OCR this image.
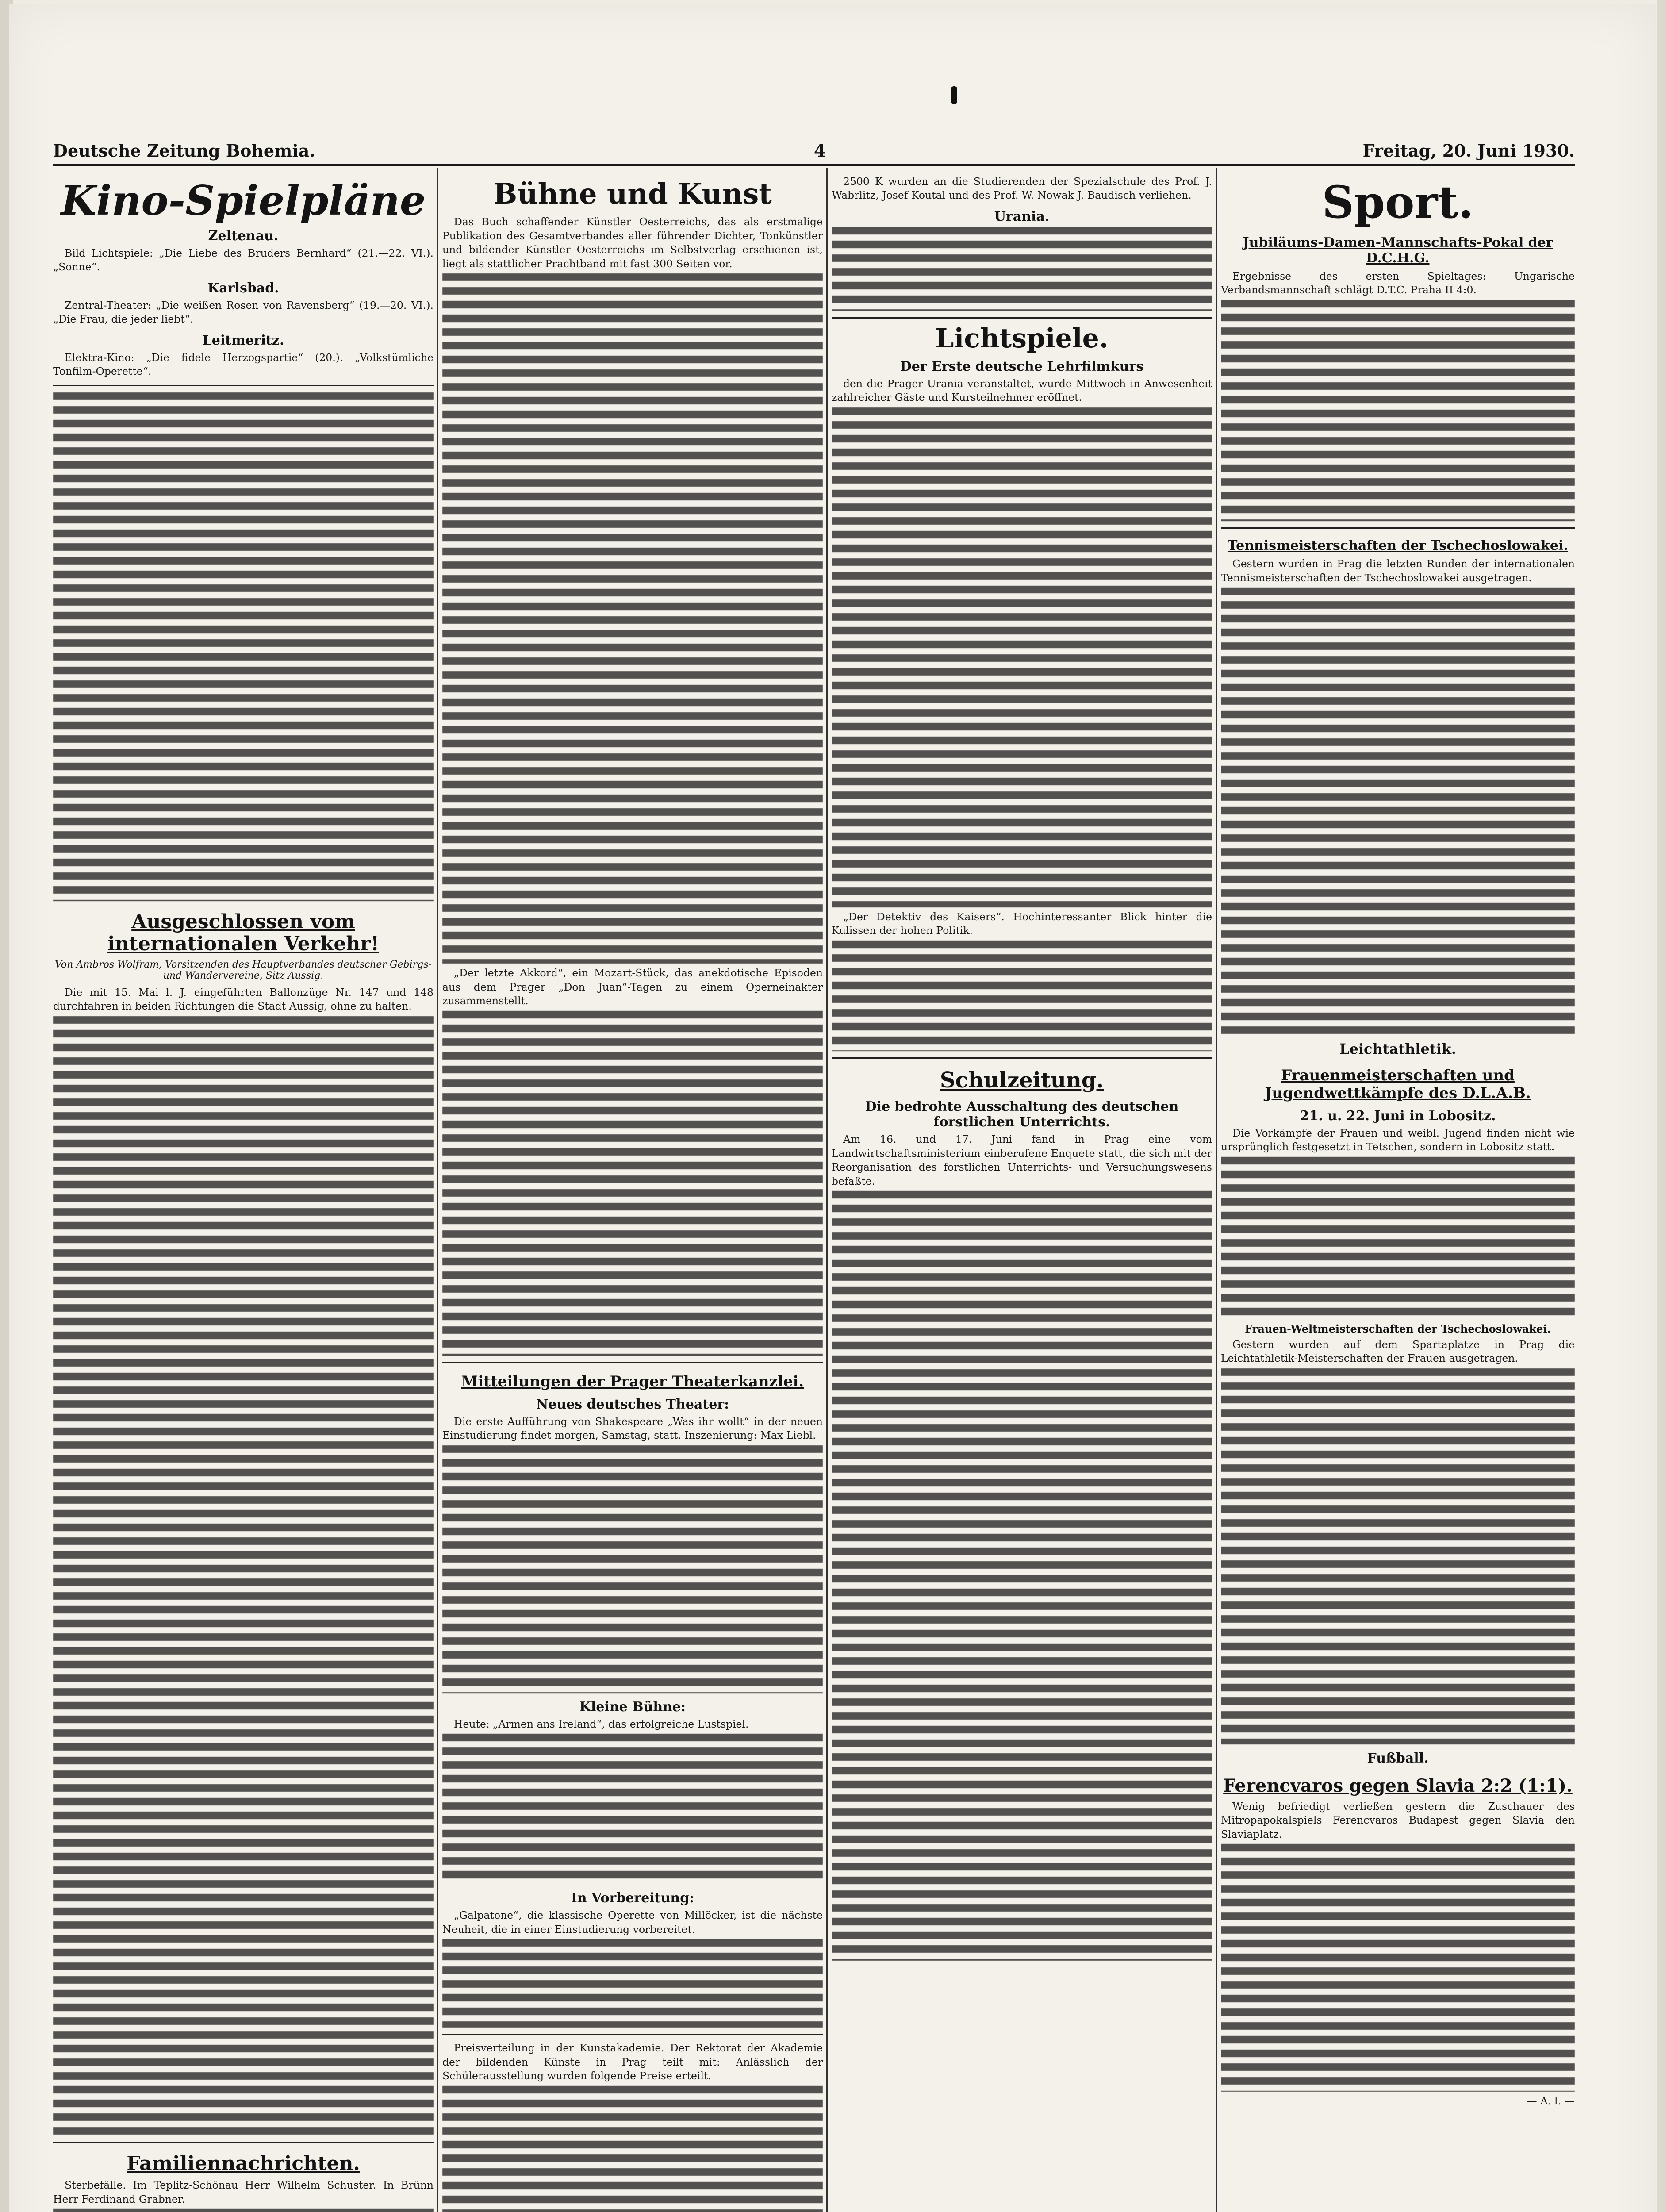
Deutsche Zeitung Bohemia.	4	Freitag, 20. Juni 1930.
Kino-Spielpläne
Zeltenau.
Bild Lichtspiele: „Die Liebe des Bruders Bernhard“ (21.—22. VI.). „Sonne“.
Karlsbad.
Zentral-Theater: „Die weißen Rosen von Ravensberg“ (19.—20. VI.). „Die Frau, die jeder liebt“.
Leitmeritz.
Elektra-Kino: „Die fidele Herzogspartie“ (20.). „Volkstümliche Tonfilm-Operette“.
Ausgeschlossen vom internationalen Verkehr!
Von Ambros Wolfram, Vorsitzenden des Hauptverbandes deutscher Gebirgs- und Wandervereine, Sitz Aussig.
Die mit 15. Mai l. J. eingeführten Ballonzüge Nr. 147 und 148 durchfahren in beiden Richtungen die Stadt Aussig, ohne zu halten.
Familiennachrichten.
Sterbefälle. Im Teplitz-Schönau Herr Wilhelm Schuster. In Brünn Herr Ferdinand Grabner.
Bühne und Kunst
Das Buch schaffender Künstler Oesterreichs, das als erstmalige Publikation des Gesamtverbandes aller führender Dichter, Tonkünstler und bildender Künstler Oesterreichs im Selbstverlag erschienen ist, liegt als stattlicher Prachtband mit fast 300 Seiten vor.
„Der letzte Akkord“, ein Mozart-Stück, das anekdotische Episoden aus dem Prager „Don Juan“-Tagen zu einem Operneinakter zusammenstellt.
Mitteilungen der Prager Theaterkanzlei.
Neues deutsches Theater:
Die erste Aufführung von Shakespeare „Was ihr wollt“ in der neuen Einstudierung findet morgen, Samstag, statt. Inszenierung: Max Liebl.
Kleine Bühne:
Heute: „Armen ans Ireland“, das erfolgreiche Lustspiel.
In Vorbereitung:
„Galpatone“, die klassische Operette von Millöcker, ist die nächste Neuheit, die in einer Einstudierung vorbereitet.
Preisverteilung in der Kunstakademie. Der Rektorat der Akademie der bildenden Künste in Prag teilt mit: Anlässlich der Schülerausstellung wurden folgende Preise erteilt.
2500 K wurden an die Studierenden der Spezialschule des Prof. J. Wabrlitz, Josef Koutal und des Prof. W. Nowak J. Baudisch verliehen.
Urania.
Lichtspiele.
Der Erste deutsche Lehrfilmkurs
den die Prager Urania veranstaltet, wurde Mittwoch in Anwesenheit zahlreicher Gäste und Kursteilnehmer eröffnet.
„Der Detektiv des Kaisers“. Hochinteressanter Blick hinter die Kulissen der hohen Politik.
Schulzeitung.
Die bedrohte Ausschaltung des deutschen forstlichen Unterrichts.
Am 16. und 17. Juni fand in Prag eine vom Landwirtschaftsministerium einberufene Enquete statt, die sich mit der Reorganisation des forstlichen Unterrichts- und Versuchungswesens befaßte.
Sport.
Jubiläums-Damen-Mannschafts-Pokal der D.C.H.G.
Ergebnisse des ersten Spieltages: Ungarische Verbandsmannschaft schlägt D.T.C. Praha II 4:0.
Tennismeisterschaften der Tschechoslowakei.
Gestern wurden in Prag die letzten Runden der internationalen Tennismeisterschaften der Tschechoslowakei ausgetragen.
Leichtathletik.
Frauenmeisterschaften und Jugendwettkämpfe des D.L.A.B.
21. u. 22. Juni in Lobositz.
Die Vorkämpfe der Frauen und weibl. Jugend finden nicht wie ursprünglich festgesetzt in Tetschen, sondern in Lobositz statt.
Frauen-Weltmeisterschaften der Tschechoslowakei.
Gestern wurden auf dem Spartaplatze in Prag die Leichtathletik-Meisterschaften der Frauen ausgetragen.
Fußball.
Ferencvaros gegen Slavia 2:2 (1:1).
Wenig befriedigt verließen gestern die Zuschauer des Mitropapokalspiels Ferencvaros Budapest gegen Slavia den Slaviaplatz.
— A. l. —
